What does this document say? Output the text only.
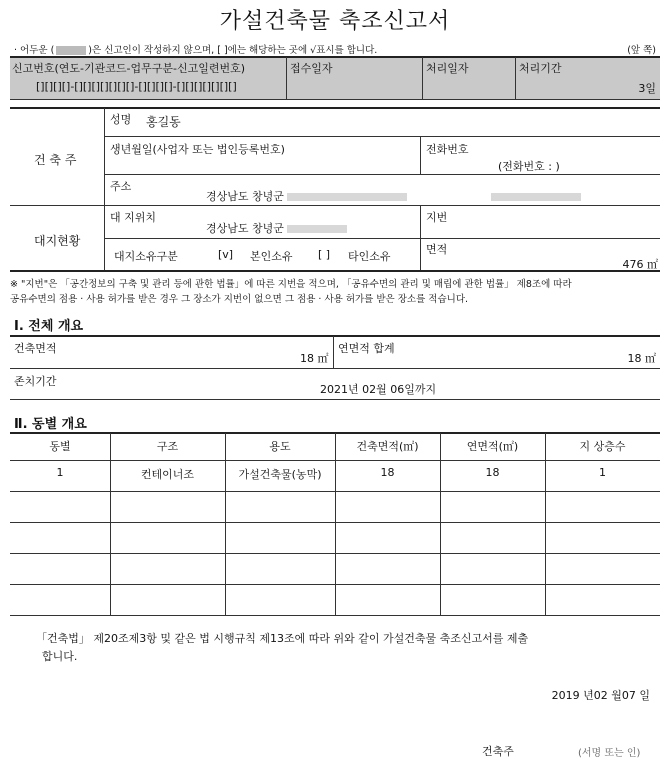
가설건축물 축조신고서
· 어두운 (	)은 신고인이 작성하지 않으며, [ ]에는 해당하는 곳에 √표시를 합니다.	(앞 쪽)
신고번호(연도-기관코드-업무구분-신고일련번호)
[][][][]-[][][][][][][]-[][][][]-[][][][][][][]
접수일자	처리일자	처리기간
3일
건 축 주
성명 홍길동
생년월일(사업자 또는 법인등록번호)	전화번호
(전화번호 : )
주소
경상남도 창녕군
대지현황
대 지위치
경상남도 창녕군
지번
대지소유구분	[v] 본인소유 [ ] 타인소유
면적
476 ㎡
※ "지번"은 「공간정보의 구축 및 관리 등에 관한 법률」에 따른 지번을 적으며, 「공유수면의 관리 및 매립에 관한 법률」 제8조에 따라
공유수면의 점용 · 사용 허가를 받은 경우 그 장소가 지번이 없으면 그 점용 · 사용 허가를 받은 장소를 적습니다.
Ⅰ. 전체 개요
건축면적
18 ㎡
연면적 합계
18 ㎡
존치기간
2021년 02월 06일까지
Ⅱ. 동별 개요
동별	구조	용도	건축면적(㎡)	연면적(㎡)	지 상층수
1	컨테이너조	가설건축물(농막)	18	18	1
「건축법」 제20조제3항 및 같은 법 시행규칙 제13조에 따라 위와 같이 가설건축물 축조신고서를 제출
합니다.
2019 년02 월07 일
건축주	(서명 또는 인)
